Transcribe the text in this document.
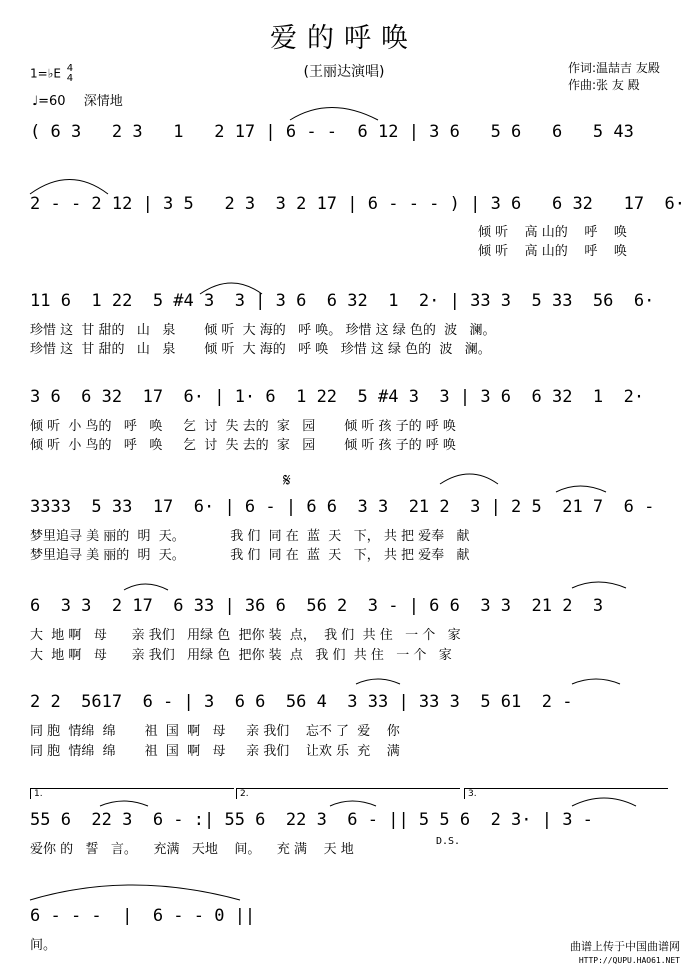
爱的呼唤
(王丽达演唱)	作词:温喆吉 友殿
作曲:张 友 殿
1=♭E 4
4
♩=60 深情地
( 6 3   2 3   1   2 17 | 6 - -  6 12 | 3 6   5 6   6   5 43
2 - - 2 12 | 3 5   2 3  3 2 17 | 6 - - - ) | 3 6   6 32   17  6·
倾 听    高 山的    呼    唤
倾 听    高 山的    呼    唤
11 6  1 22  5 #4 3  3 | 3 6  6 32  1  2· | 33 3  5 33  56  6·
珍惜 这  甘 甜的   山   泉       倾 听  大 海的   呼 唤。 珍惜 这 绿 色的  波   澜。
珍惜 这  甘 甜的   山   泉       倾 听  大 海的   呼 唤   珍惜 这 绿 色的  波   澜。
3 6  6 32  17  6· | 1· 6  1 22  5 #4 3  3 | 3 6  6 32  1  2·
倾 听  小 鸟的   呼   唤     乞  讨  失 去的  家   园       倾 听 孩 子的 呼 唤
倾 听  小 鸟的   呼   唤     乞  讨  失 去的  家   园       倾 听 孩 子的 呼 唤
3333  5 33  17  6· | 6 - | 6 6  3 3  21 2  3 | 2 5  21 7  6 -
𝄋
梦里追寻 美 丽的  明  天。           我 们  同 在  蓝  天   下， 共 把 爱奉   献
梦里追寻 美 丽的  明  天。           我 们  同 在  蓝  天   下， 共 把 爱奉   献
6  3 3  2 17  6 33 | 36 6  56 2  3 - | 6 6  3 3  21 2  3
大  地 啊   母      亲 我们   用绿 色  把你 装  点，  我 们  共 住   一 个   家
大  地 啊   母      亲 我们   用绿 色  把你 装  点   我 们  共 住   一 个   家
2 2  5617  6 - | 3  6 6  56 4  3 33 | 33 3  5 61  2 -
同 胞  情绵  绵       祖  国  啊   母     亲 我们    忘不 了  爱    你
同 胞  情绵  绵       祖  国  啊   母     亲 我们    让欢 乐  充    满
1.	2.	3.
55 6  22 3  6 - :| 55 6  22 3  6 - || 5 5 6  2 3· | 3 -
D.S.
爱你 的   誓   言。    充满   天地    间。    充 满    天 地
6 - - -  |  6 - - 0 ||
间。	曲谱上传于中国曲谱网
HTTP://QUPU.HAO61.NET
